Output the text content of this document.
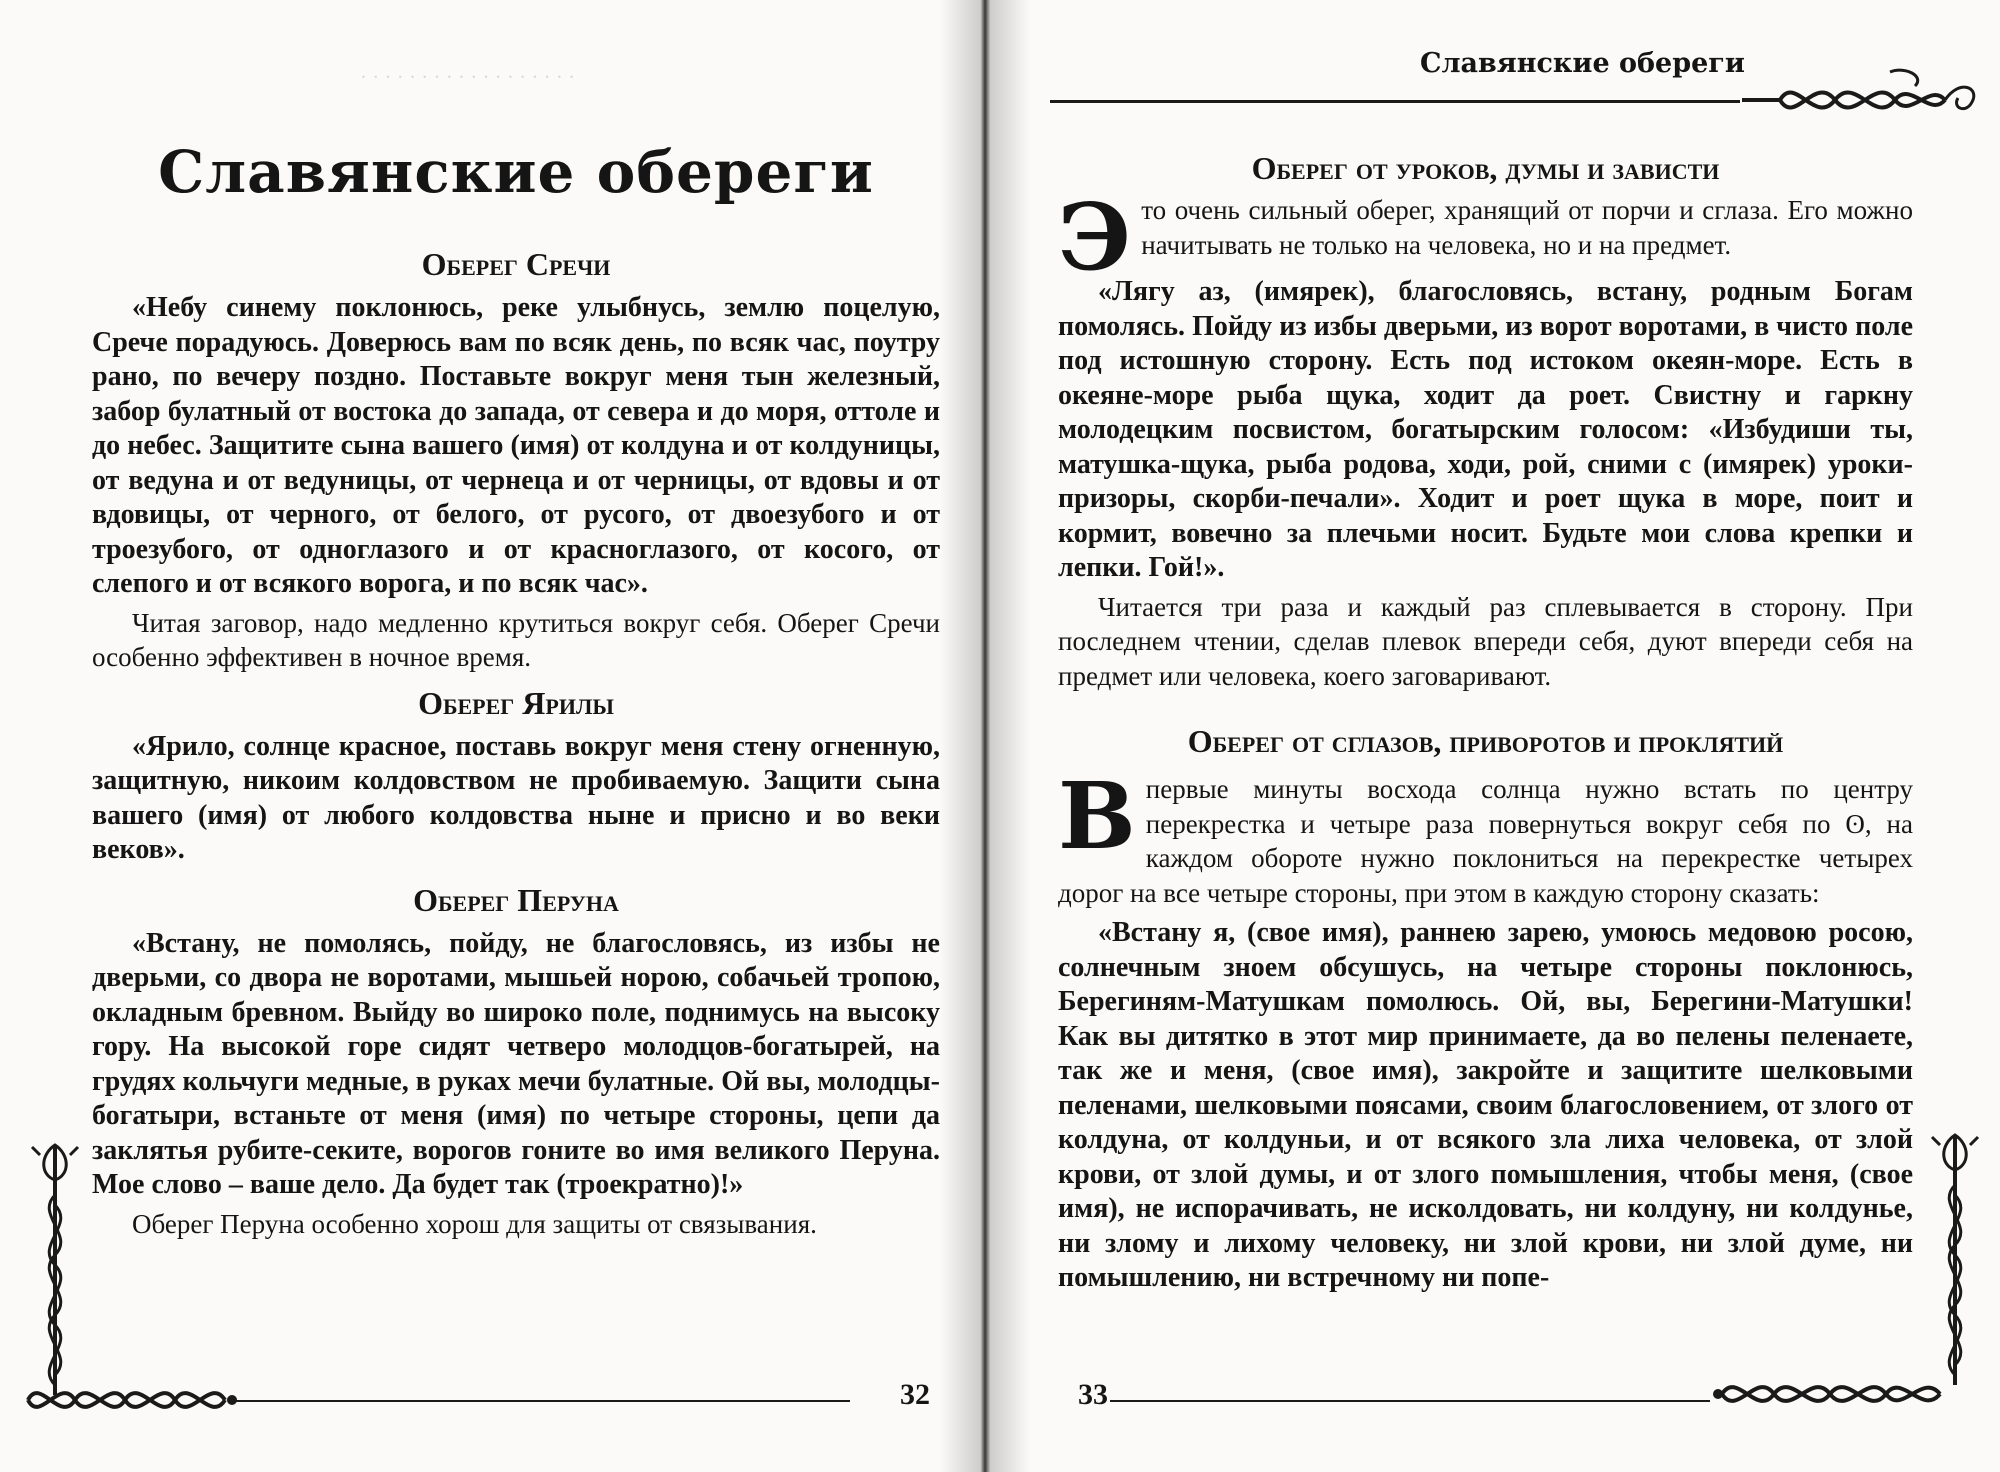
· · · · · · · · · · · · · · · · · ·
Славянские обереги
Оберег Сречи

«Небу синему поклонюсь, реке улыбнусь, землю поцелую, Срече порадуюсь. Доверюсь вам по всяк день, по всяк час, поутру рано, по вечеру поздно. Поставьте вокруг меня тын железный, забор булатный от востока до запада, от севера и до моря, оттоле и до небес. Защитите сына вашего (имя) от колдуна и от колдуницы, от ведуна и от ведуницы, от чернеца и от черницы, от вдовы и от вдовицы, от черного, от белого, от русого, от двоезубого и от троезубого, от одноглазого и от красноглазого, от косого, от слепого и от всякого ворога, и по всяк час».

Читая заговор, надо медленно крутиться вокруг себя. Оберег Сречи особенно эффективен в ночное время.

Оберег Ярилы

«Ярило, солнце красное, поставь вокруг меня стену огненную, защитную, никоим колдовством не пробиваемую. Защити сына вашего (имя) от любого колдовства ныне и присно и во веки веков».

Оберег Перуна

«Встану, не помолясь, пойду, не благословясь, из избы не дверьми, со двора не воротами, мышьей норою, собачьей тропою, окладным бревном. Выйду во широко поле, поднимусь на высоку гору. На высокой горе сидят четверо молодцов-богатырей, на грудях кольчуги медные, в руках мечи булатные. Ой вы, молодцы-богатыри, встаньте от меня (имя) по четыре стороны, цепи да заклятья рубите-секите, ворогов гоните во имя великого Перуна. Мое слово – ваше дело. Да будет так (троекратно)!»

Оберег Перуна особенно хорош для защиты от связывания.

32
Славянские обереги
Оберег от уроков, думы и зависти

Э то очень сильный оберег, хранящий от порчи и сглаза. Его можно начитывать не только на человека, но и на предмет.

«Лягу аз, (имярек), благословясь, встану, родным Богам помолясь. Пойду из избы дверьми, из ворот воротами, в чисто поле под истошную сторону. Есть под истоком океян-море. Есть в океяне-море рыба щука, ходит да роет. Свистну и гаркну молодецким посвистом, богатырским голосом: «Избудиши ты, матушка-щука, рыба родова, ходи, рой, сними с (имярек) уроки-призоры, скорби-печали». Ходит и роет щука в море, поит и кормит, вовечно за плечьми носит. Будьте мои слова крепки и лепки. Гой!».

Читается три раза и каждый раз сплевывается в сторону. При последнем чтении, сделав плевок впереди себя, дуют впереди себя на предмет или человека, коего заговаривают.

Оберег от сглазов, приворотов и проклятий

В первые минуты восхода солнца нужно встать по центру перекрестка и четыре раза повернуться вокруг себя по ʘ, на каждом обороте нужно поклониться на перекрестке четырех дорог на все четыре стороны, при этом в каждую сторону сказать:

«Встану я, (свое имя), раннею зарею, умоюсь медовою росою, солнечным зноем обсушусь, на четыре стороны поклонюсь, Берегиням-Матушкам помолюсь. Ой, вы, Берегини-Матушки! Как вы дитятко в этот мир принимаете, да во пелены пеленаете, так же и меня, (свое имя), закройте и защитите шелковыми пеленами, шелковыми поясами, своим благословением, от злого от колдуна, от колдуньи, и от всякого зла лиха человека, от злой крови, от злой думы, и от злого помышления, чтобы меня, (свое имя), не испорачивать, не исколдовать, ни колдуну, ни колдунье, ни злому и лихому человеку, ни злой крови, ни злой думе, ни помышлению, ни встречному ни попе-

33
